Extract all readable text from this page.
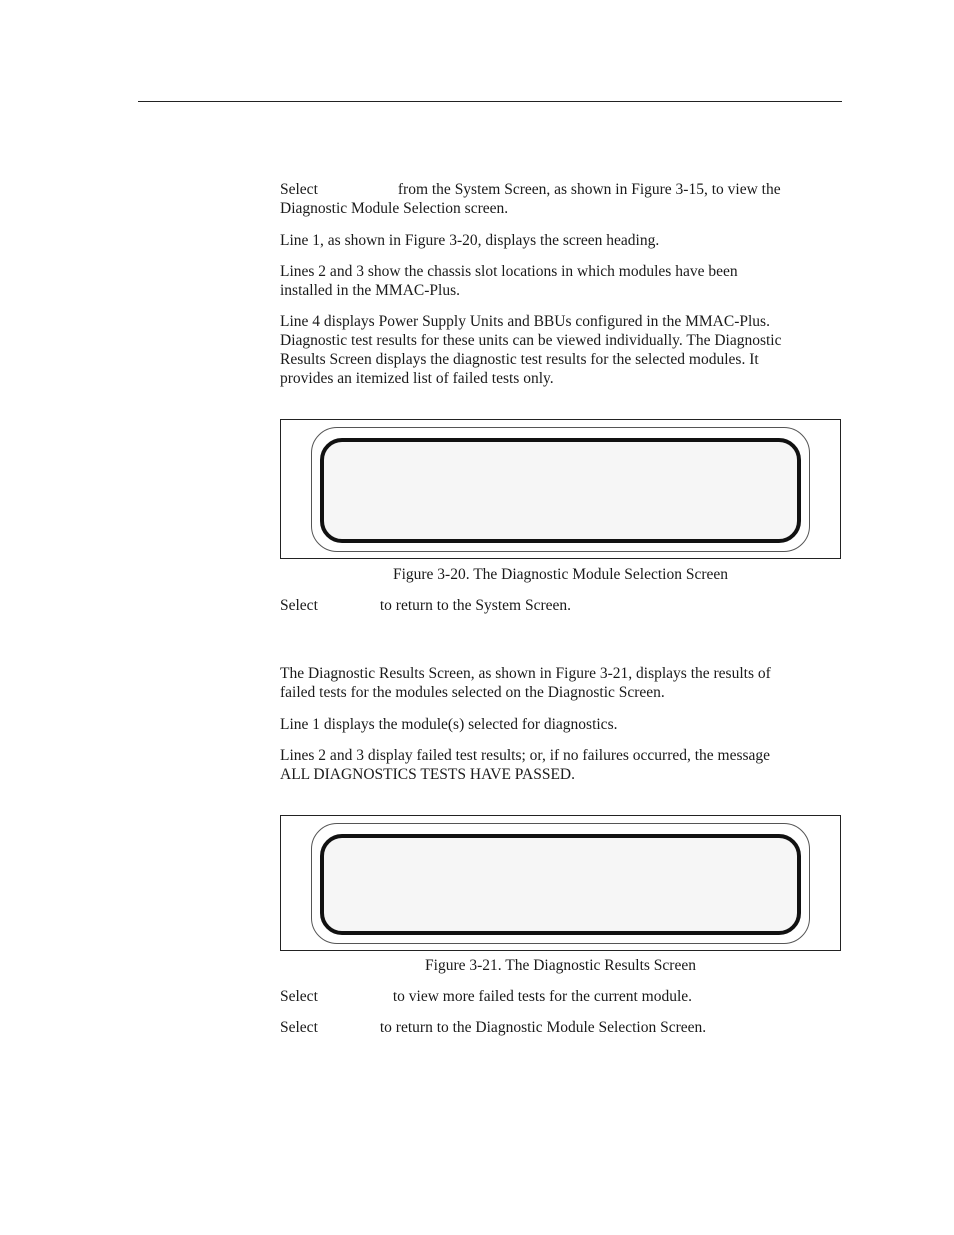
Select	from the System Screen, as shown in Figure 3-15, to view the
Diagnostic Module Selection screen.

Line 1, as shown in Figure 3-20, displays the screen heading.

Lines 2 and 3 show the chassis slot locations in which modules have been
installed in the MMAC-Plus.

Line 4 displays Power Supply Units and BBUs configured in the MMAC-Plus.
Diagnostic test results for these units can be viewed individually. The Diagnostic
Results Screen displays the diagnostic test results for the selected modules. It
provides an itemized list of failed tests only.

Figure 3-20. The Diagnostic Module Selection Screen

Select	to return to the System Screen.

The Diagnostic Results Screen, as shown in Figure 3-21, displays the results of
failed tests for the modules selected on the Diagnostic Screen.

Line 1 displays the module(s) selected for diagnostics.

Lines 2 and 3 display failed test results; or, if no failures occurred, the message
ALL DIAGNOSTICS TESTS HAVE PASSED.

Figure 3-21. The Diagnostic Results Screen

Select	to view more failed tests for the current module.

Select	to return to the Diagnostic Module Selection Screen.
